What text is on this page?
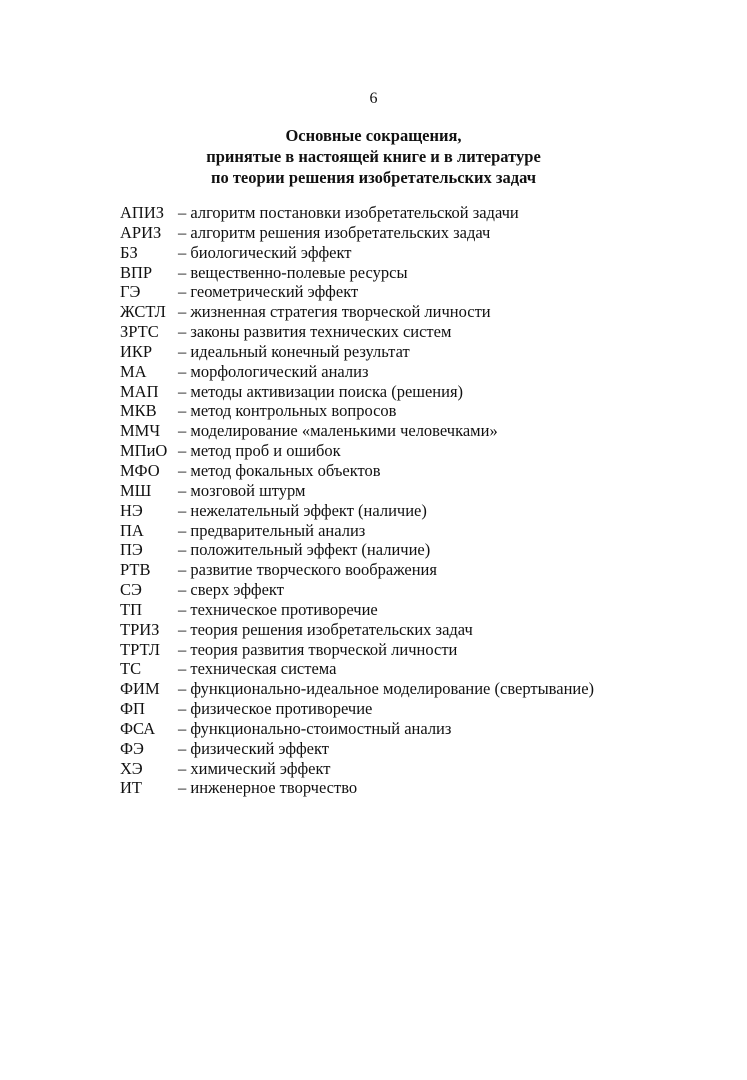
6
Основные сокращения,
принятые в настоящей книге и в литературе
по теории решения изобретательских задач
АПИЗ – алгоритм постановки изобретательской задачи
АРИЗ	– алгоритм решения изобретательских задач
БЗ	– биологический эффект
ВПР	– вещественно-полевые ресурсы
ГЭ	– геометрический эффект
ЖСТЛ – жизненная стратегия творческой личности
ЗРТС	– законы развития технических систем
ИКР	– идеальный конечный результат
МА	– морфологический анализ
МАП	– методы активизации поиска (решения)
МКВ	– метод контрольных вопросов
ММЧ	– моделирование «маленькими человечками»
МПиО – метод проб и ошибок
МФО	– метод фокальных объектов
МШ	– мозговой штурм
НЭ	– нежелательный эффект (наличие)
ПА	– предварительный анализ
ПЭ	– положительный эффект (наличие)
РТВ	– развитие творческого воображения
СЭ	– сверх эффект
ТП	– техническое противоречие
ТРИЗ	– теория решения изобретательских задач
ТРТЛ	– теория развития творческой личности
ТС	– техническая система
ФИМ	– функционально-идеальное моделирование (свертывание)
ФП	– физическое противоречие
ФСА	– функционально-стоимостный анализ
ФЭ	– физический эффект
ХЭ	– химический эффект
ИТ	– инженерное творчество
